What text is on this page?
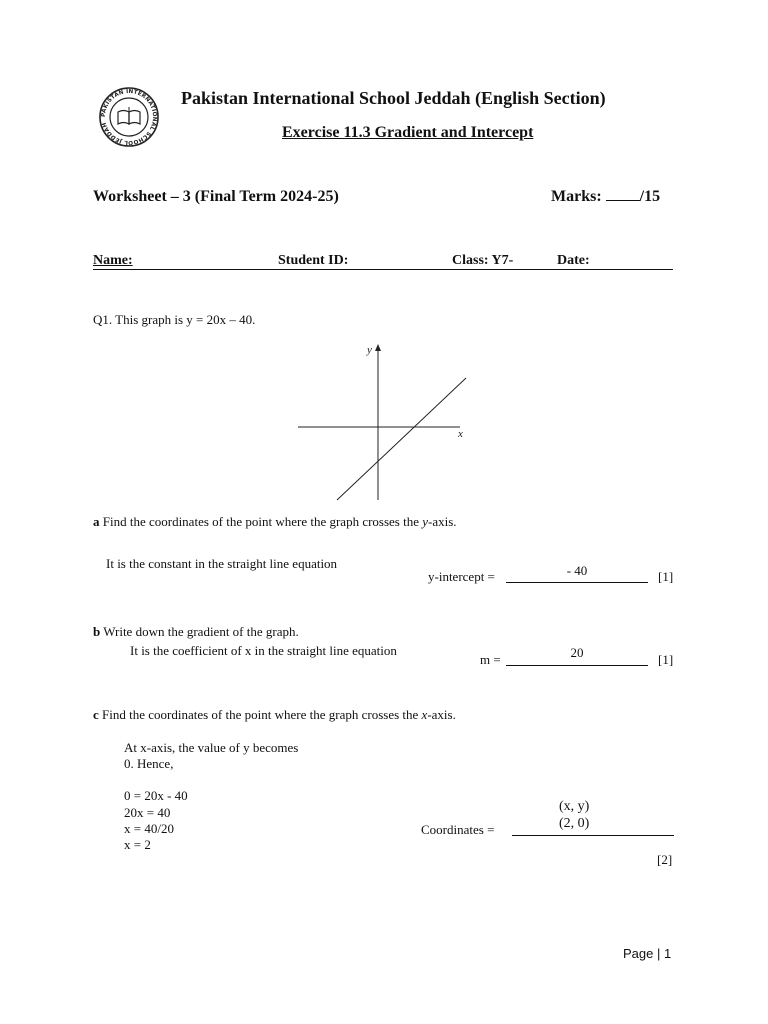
PAKISTAN INTERNATIONAL SCHOOL JEDDAH
Pakistan International School Jeddah (English Section)
Exercise 11.3 Gradient and Intercept
Worksheet – 3 (Final Term 2024-25)	Marks: /15
Name:	Student ID:	Class: Y7-	Date:
Q1. This graph is y = 20x – 40.
y
x
a Find the coordinates of the point where the graph crosses the y-axis.
It is the constant in the straight line equation
y-intercept =	- 40	[1]
b Write down the gradient of the graph.
It is the coefficient of x in the straight line equation
m =	20	[1]
c Find the coordinates of the point where the graph crosses the x-axis.
At x-axis, the value of y becomes
0. Hence,
0 = 20x - 40
20x = 40
x = 40/20
x = 2
(x, y)
Coordinates =	(2, 0)
[2]
Page | 1
